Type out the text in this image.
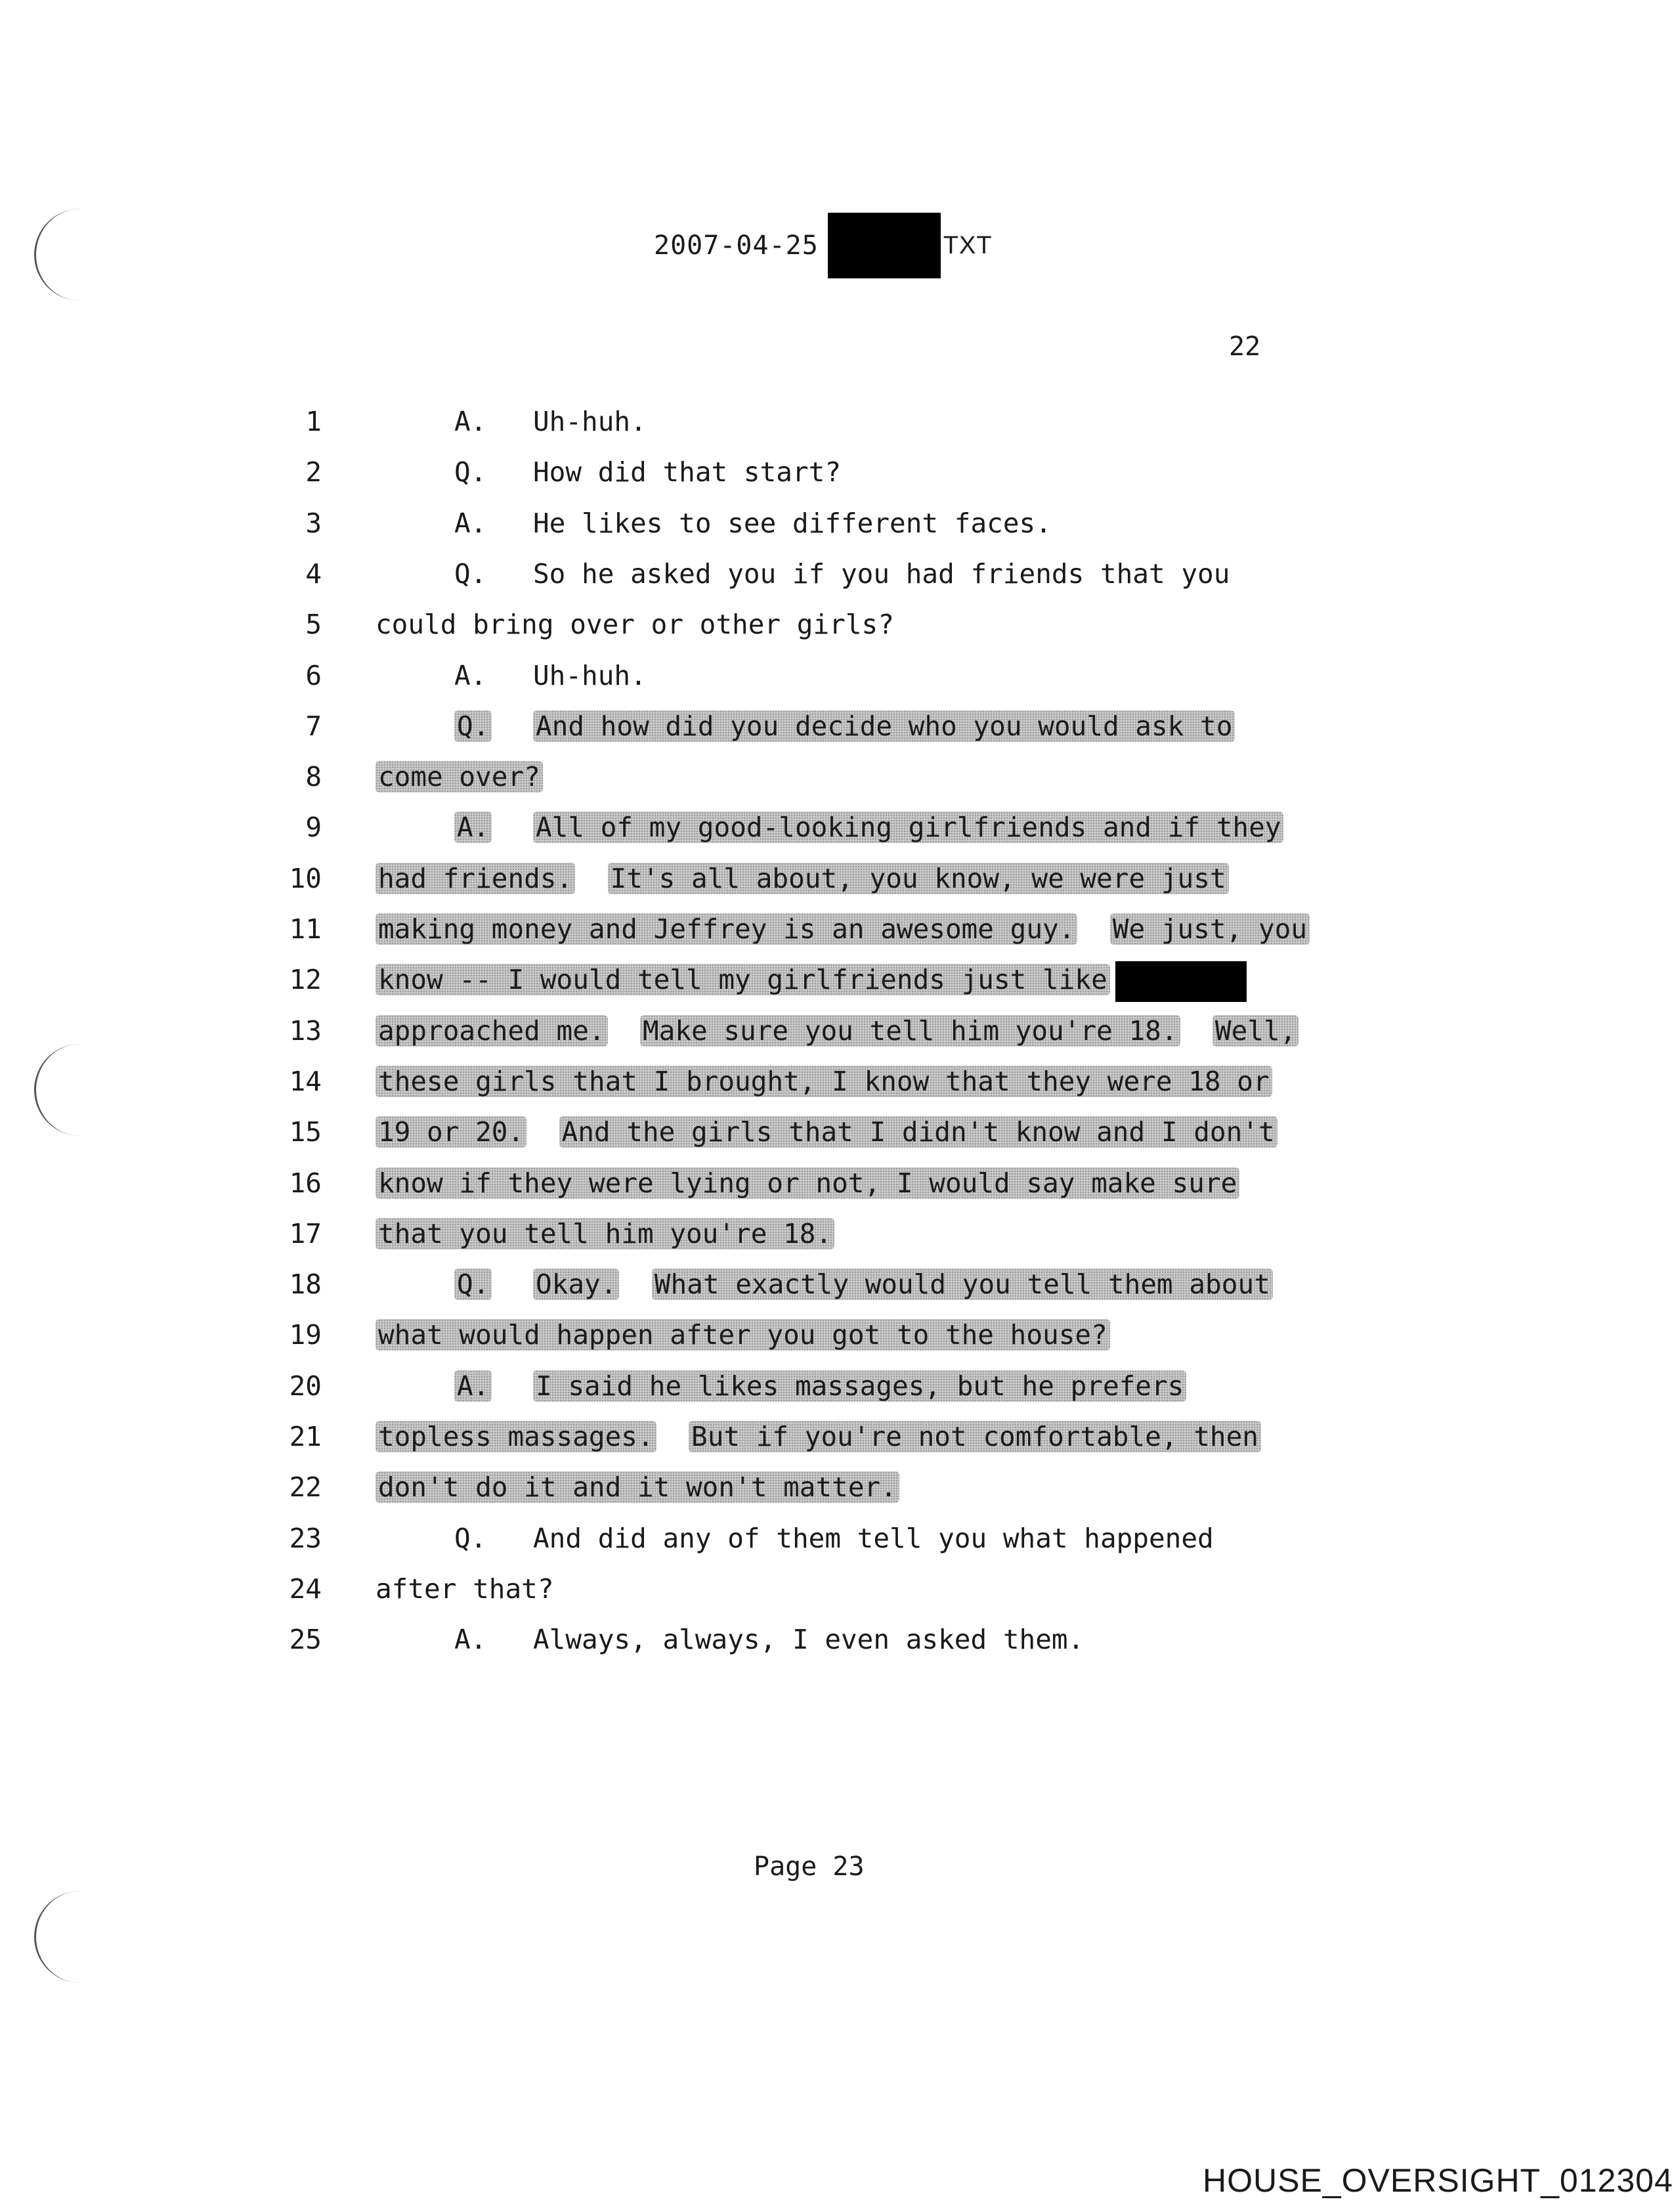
2007-04-25	TXT
22
1	A. Uh-huh.
2	Q. How did that start?
3	A. He likes to see different faces.
4	Q. So he asked you if you had friends that you
5 could bring over or other girls?
6	A. Uh-huh.
7	Q. And how did you decide who you would ask to
8 come over?
9	A. All of my good-looking girlfriends and if they
10 had friends. It's all about, you know, we were just
11 making money and Jeffrey is an awesome guy. We just, you
12 know -- I would tell my girlfriends just like
13 approached me. Make sure you tell him you're 18. Well,
14 these girls that I brought, I know that they were 18 or
15 19 or 20. And the girls that I didn't know and I don't
16 know if they were lying or not, I would say make sure
17 that you tell him you're 18.
18	Q. Okay. What exactly would you tell them about
19 what would happen after you got to the house?
20	A. I said he likes massages, but he prefers
21 topless massages. But if you're not comfortable, then
22 don't do it and it won't matter.
23	Q. And did any of them tell you what happened
24 after that?
25	A. Always, always, I even asked them.
Page 23
HOUSE_OVERSIGHT_012304
